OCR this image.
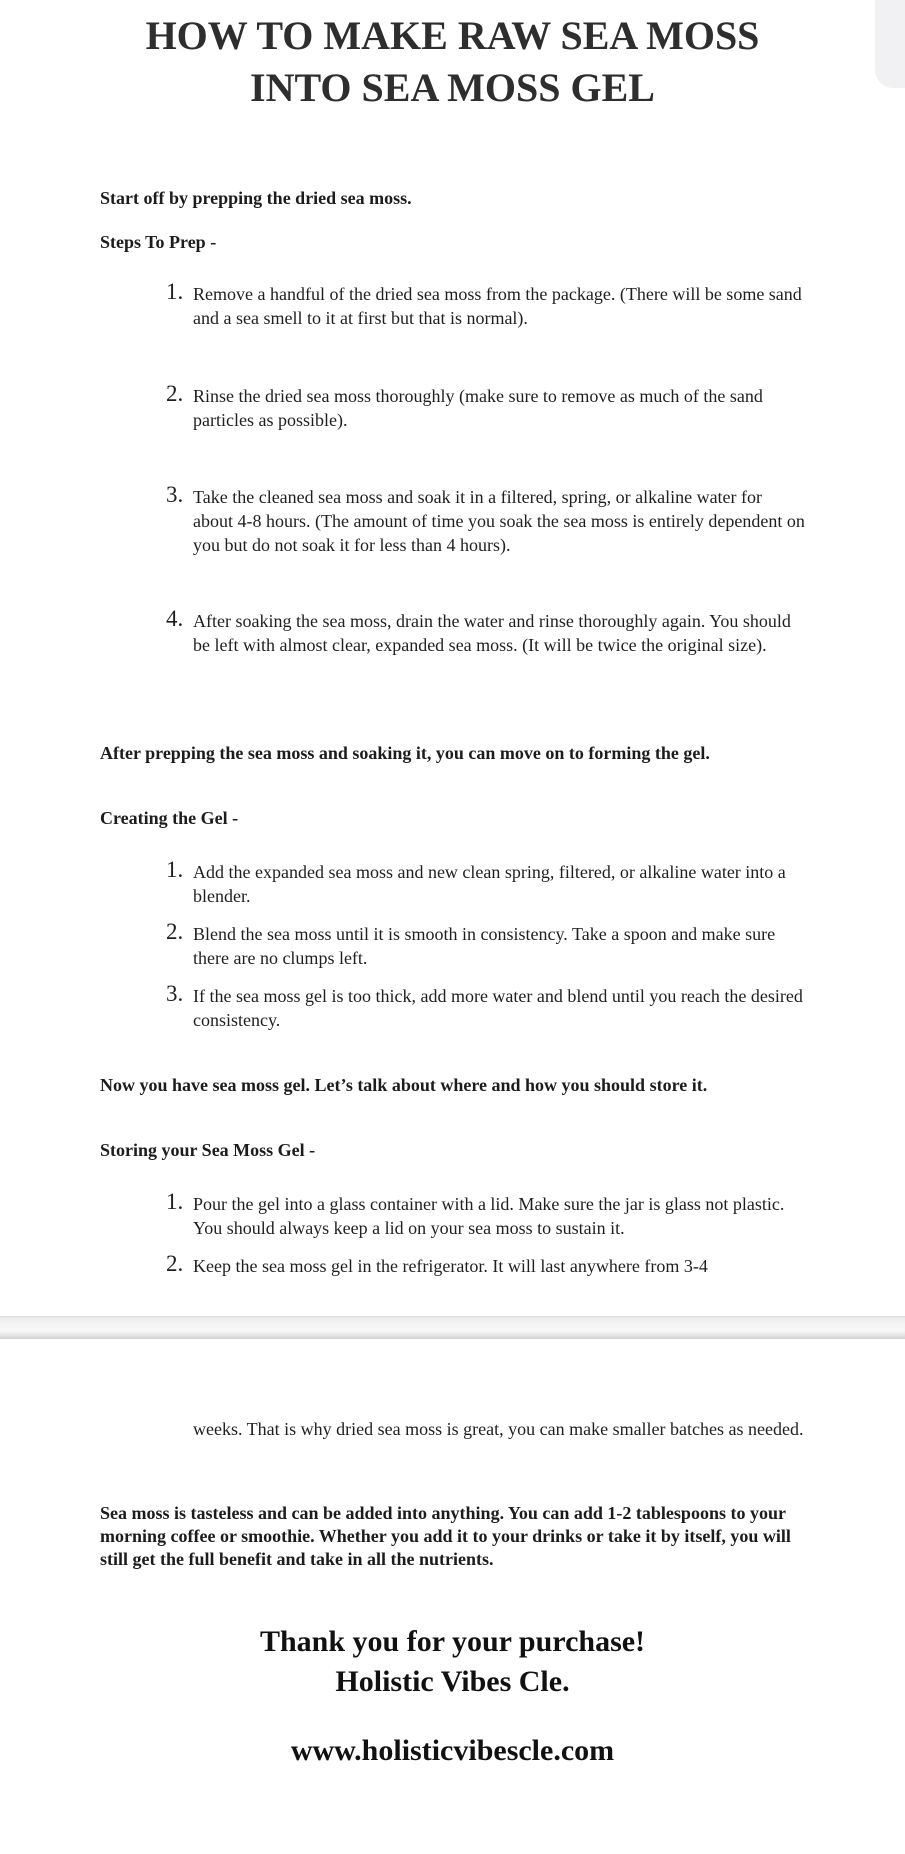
HOW TO MAKE RAW SEA MOSS
INTO SEA MOSS GEL

Start off by prepping the dried sea moss.

Steps To Prep -

1. Remove a handful of the dried sea moss from the package. (There will be some sand and a sea smell to it at first but that is normal).
2. Rinse the dried sea moss thoroughly (make sure to remove as much of the sand particles as possible).
3. Take the cleaned sea moss and soak it in a filtered, spring, or alkaline water for about 4-8 hours. (The amount of time you soak the sea moss is entirely dependent on you but do not soak it for less than 4 hours).
4. After soaking the sea moss, drain the water and rinse thoroughly again. You should be left with almost clear, expanded sea moss. (It will be twice the original size).

After prepping the sea moss and soaking it, you can move on to forming the gel.

Creating the Gel -

1. Add the expanded sea moss and new clean spring, filtered, or alkaline water into a blender.
2. Blend the sea moss until it is smooth in consistency. Take a spoon and make sure there are no clumps left.
3. If the sea moss gel is too thick, add more water and blend until you reach the desired consistency.

Now you have sea moss gel. Let’s talk about where and how you should store it.

Storing your Sea Moss Gel -

1. Pour the gel into a glass container with a lid. Make sure the jar is glass not plastic. You should always keep a lid on your sea moss to sustain it.
2. Keep the sea moss gel in the refrigerator. It will last anywhere from 3-4
weeks. That is why dried sea moss is great, you can make smaller batches as needed.

Sea moss is tasteless and can be added into anything. You can add 1-2 tablespoons to your morning coffee or smoothie. Whether you add it to your drinks or take it by itself, you will still get the full benefit and take in all the nutrients.

Thank you for your purchase!
Holistic Vibes Cle.
www.holisticvibescle.com
